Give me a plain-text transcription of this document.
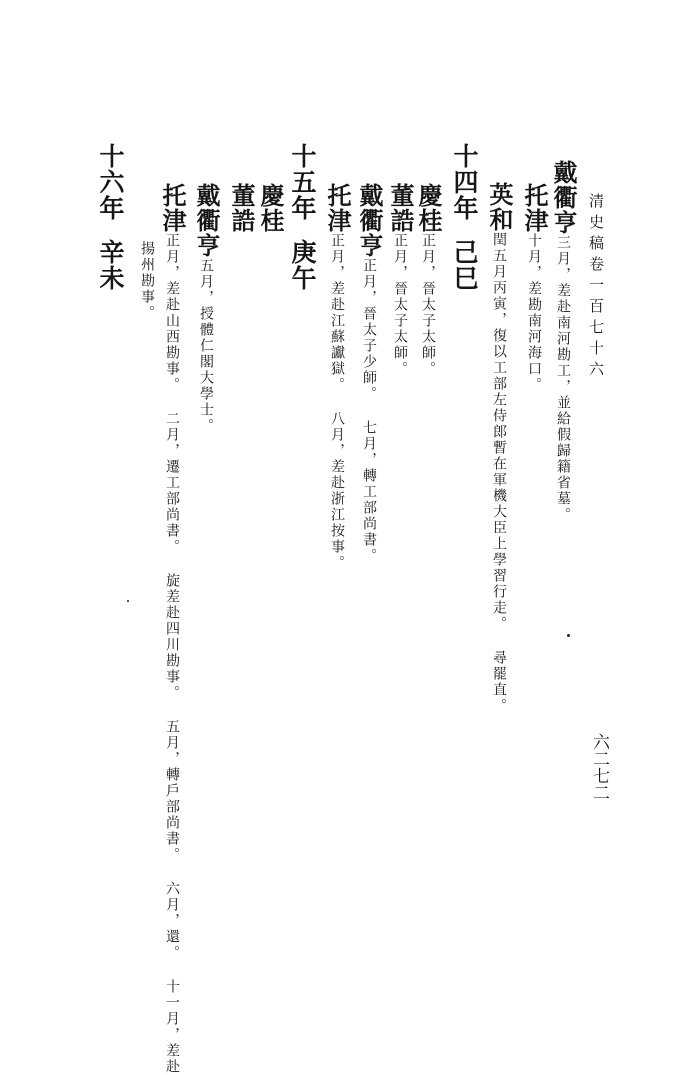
清史稿卷一百七十六
六二七二
戴衢亨三月，差赴南河勘工，並給假歸籍省墓。
托津十月，差勘南河海口。
英和閏五月丙寅，復以工部左侍郎暫在軍機大臣上學習行走。 尋罷直。
十四年己巳
慶桂正月，晉太子太師。
董誥正月，晉太子太師。
戴衢亨正月，晉太子少師。 七月，轉工部尚書。
托津正月，差赴江蘇讞獄。 八月，差赴浙江按事。
十五年庚午
慶桂
董誥
戴衢亨五月，授體仁閣大學士。
托津正月，差赴山西勘事。 二月，遷工部尚書。 旋差赴四川勘事。 五月，轉戶部尚書。 六月，還。 十一月，差赴
揚州勘事。
十六年辛未
